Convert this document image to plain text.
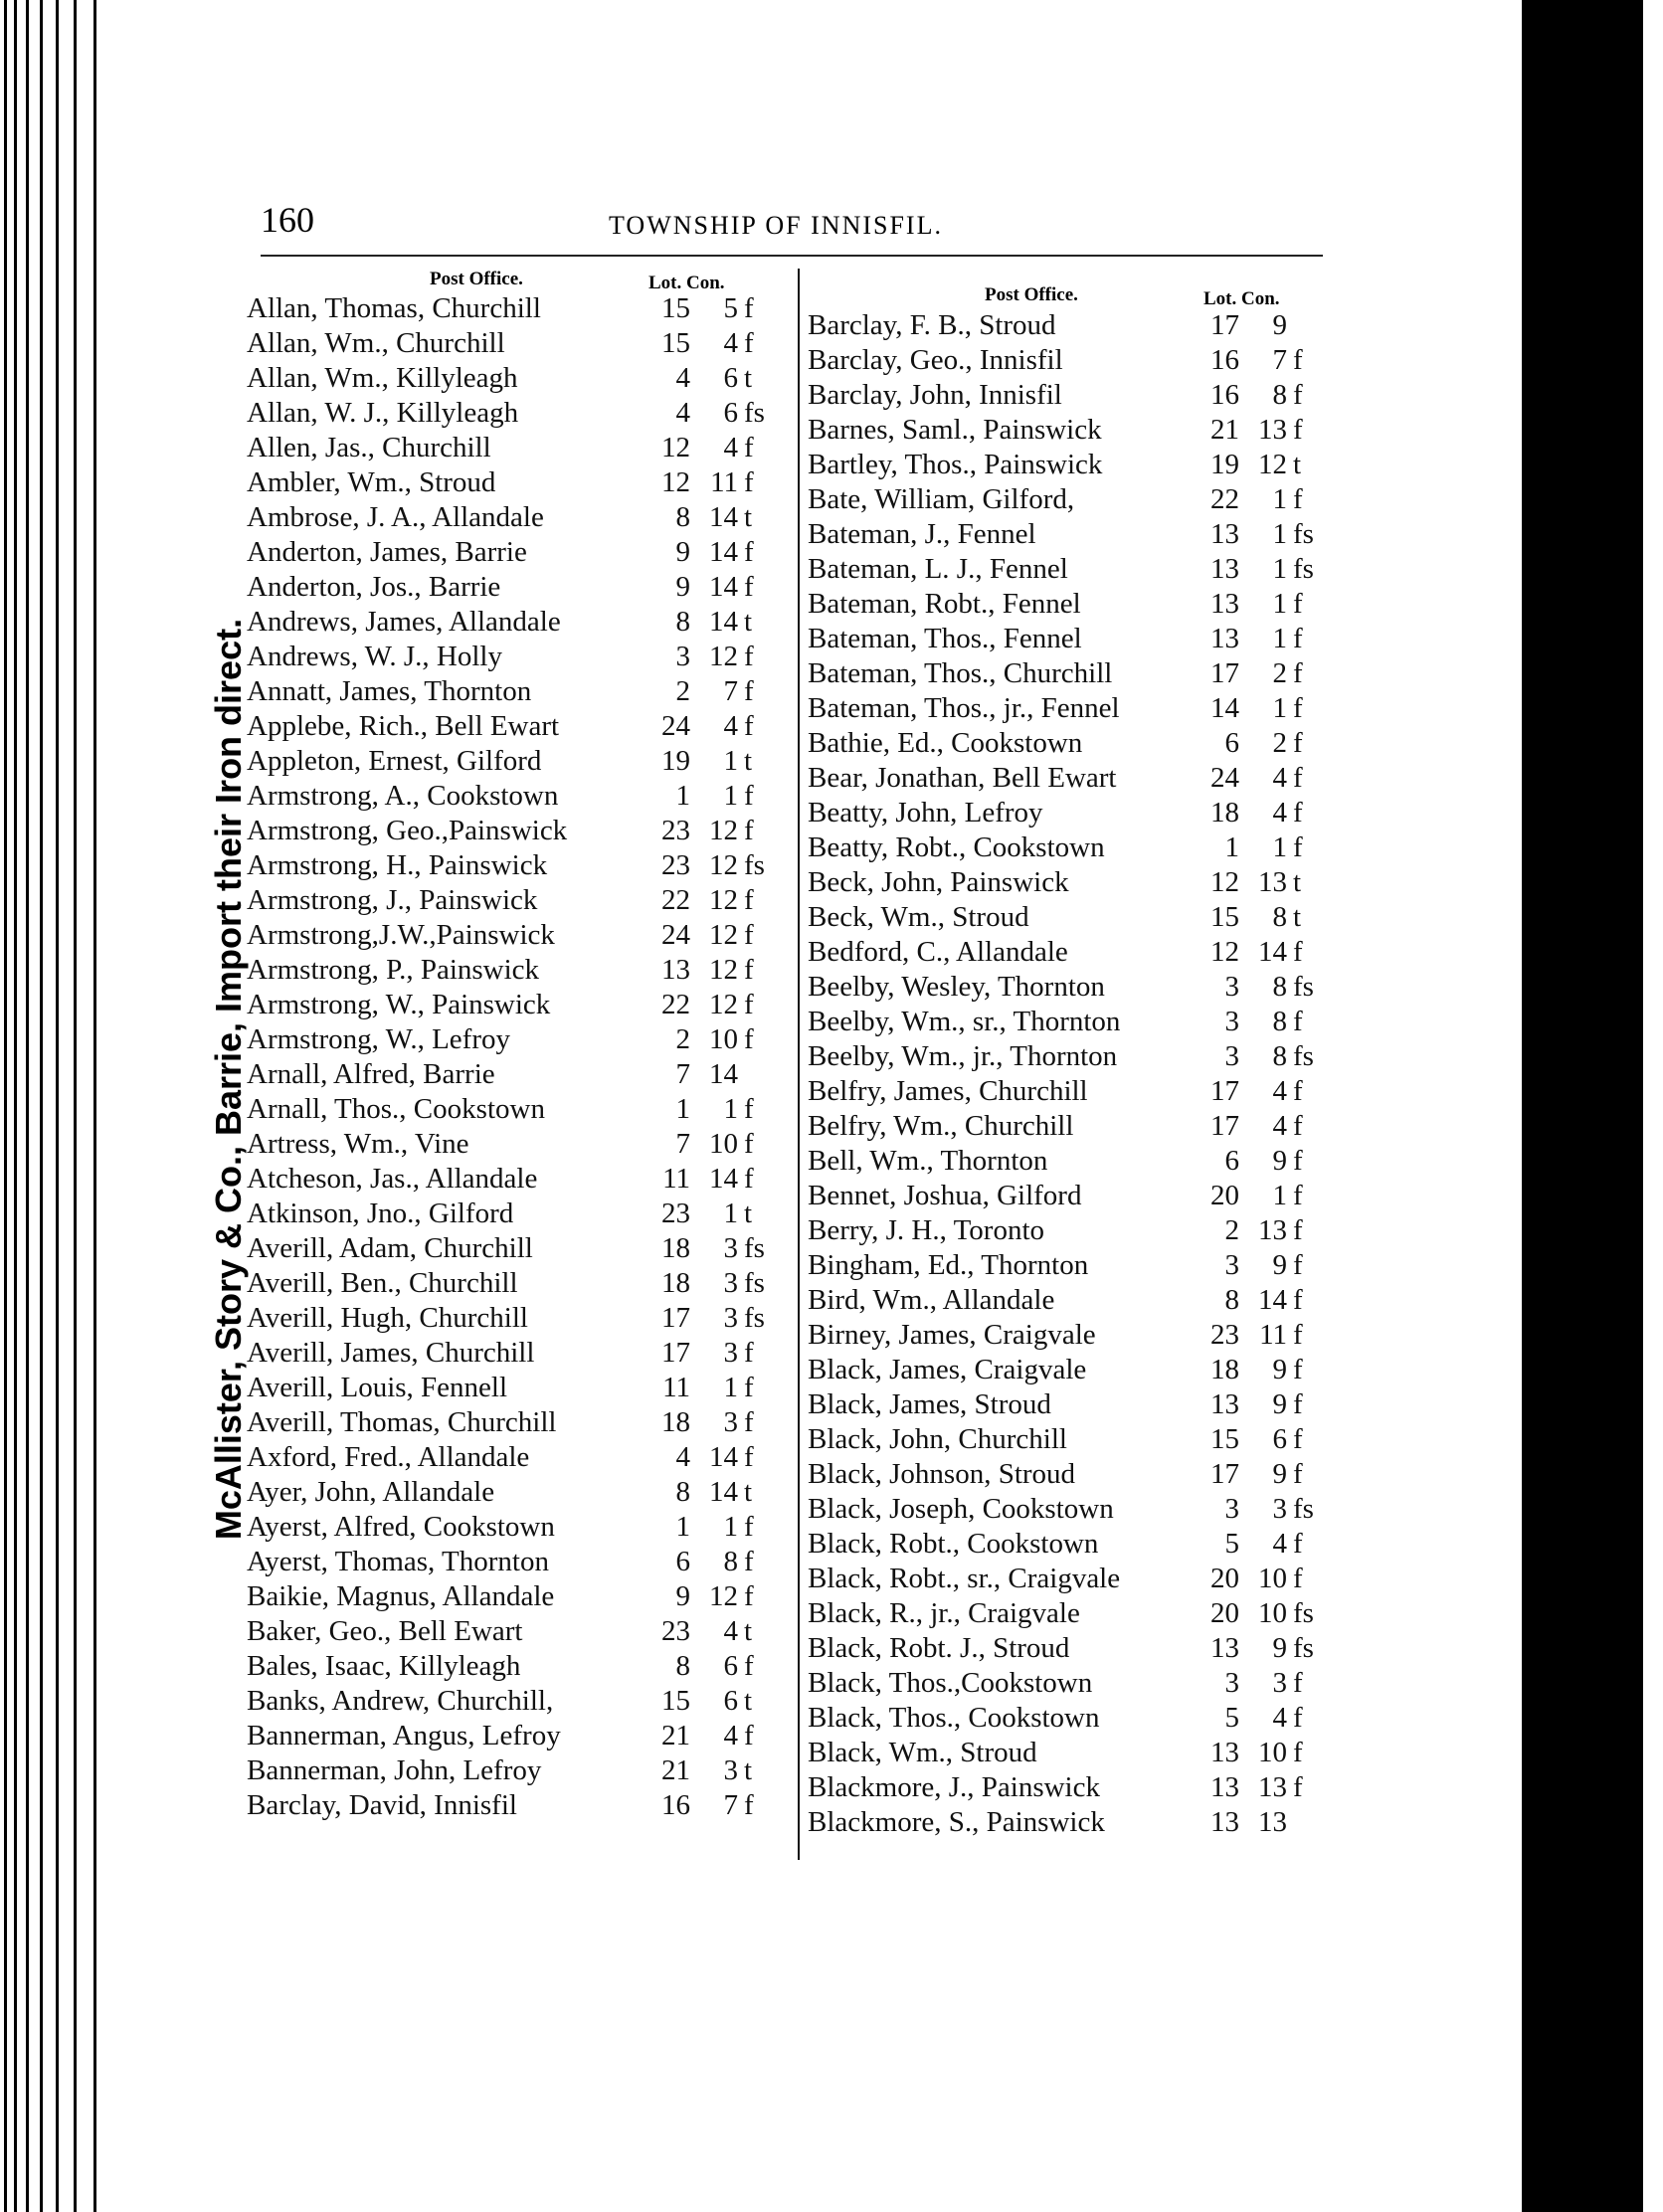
McAllister, Story & Co., Barrie, Import their Iron direct.
160	TOWNSHIP OF INNISFIL.
Post Office.	Lot. Con.
Post Office.	Lot. Con.
Allan, Thomas, Churchill	15	5 f
Allan, Wm., Churchill	15	4 f
Allan, Wm., Killyleagh	4	6 t
Allan, W. J., Killyleagh	4	6 fs
Allen, Jas., Churchill	12	4 f
Ambler, Wm., Stroud	12 11 f
Ambrose, J. A., Allandale	8 14 t
Anderton, James, Barrie	9 14 f
Anderton, Jos., Barrie	9 14 f
Andrews, James, Allandale	8 14 t
Andrews, W. J., Holly	3 12 f
Annatt, James, Thornton	2	7 f
Applebe, Rich., Bell Ewart	24	4 f
Appleton, Ernest, Gilford	19	1 t
Armstrong, A., Cookstown	1	1 f
Armstrong, Geo.,Painswick	23 12 f
Armstrong, H., Painswick	23 12 fs
Armstrong, J., Painswick	22 12 f
Armstrong,J.W.,Painswick	24 12 f
Armstrong, P., Painswick	13 12 f
Armstrong, W., Painswick	22 12 f
Armstrong, W., Lefroy	2 10 f
Arnall, Alfred, Barrie	7 14
Arnall, Thos., Cookstown	1	1 f
Artress, Wm., Vine	7 10 f
Atcheson, Jas., Allandale	11 14 f
Atkinson, Jno., Gilford	23	1 t
Averill, Adam, Churchill	18	3 fs
Averill, Ben., Churchill	18	3 fs
Averill, Hugh, Churchill	17	3 fs
Averill, James, Churchill	17	3 f
Averill, Louis, Fennell	11	1 f
Averill, Thomas, Churchill	18	3 f
Axford, Fred., Allandale	4 14 f
Ayer, John, Allandale	8 14 t
Ayerst, Alfred, Cookstown	1	1 f
Ayerst, Thomas, Thornton	6	8 f
Baikie, Magnus, Allandale	9 12 f
Baker, Geo., Bell Ewart	23	4 t
Bales, Isaac, Killyleagh	8	6 f
Banks, Andrew, Churchill,	15	6 t
Bannerman, Angus, Lefroy	21	4 f
Bannerman, John, Lefroy	21	3 t
Barclay, David, Innisfil	16	7 f
Barclay, F. B., Stroud	17	9
Barclay, Geo., Innisfil	16	7 f
Barclay, John, Innisfil	16	8 f
Barnes, Saml., Painswick	21 13 f
Bartley, Thos., Painswick	19 12 t
Bate, William, Gilford,	22	1 f
Bateman, J., Fennel	13	1 fs
Bateman, L. J., Fennel	13	1 fs
Bateman, Robt., Fennel	13	1 f
Bateman, Thos., Fennel	13	1 f
Bateman, Thos., Churchill	17	2 f
Bateman, Thos., jr., Fennel	14	1 f
Bathie, Ed., Cookstown	6	2 f
Bear, Jonathan, Bell Ewart	24	4 f
Beatty, John, Lefroy	18	4 f
Beatty, Robt., Cookstown	1	1 f
Beck, John, Painswick	12 13 t
Beck, Wm., Stroud	15	8 t
Bedford, C., Allandale	12 14 f
Beelby, Wesley, Thornton	3	8 fs
Beelby, Wm., sr., Thornton	3	8 f
Beelby, Wm., jr., Thornton	3	8 fs
Belfry, James, Churchill	17	4 f
Belfry, Wm., Churchill	17	4 f
Bell, Wm., Thornton	6	9 f
Bennet, Joshua, Gilford	20	1 f
Berry, J. H., Toronto	2 13 f
Bingham, Ed., Thornton	3	9 f
Bird, Wm., Allandale	8 14 f
Birney, James, Craigvale	23 11 f
Black, James, Craigvale	18	9 f
Black, James, Stroud	13	9 f
Black, John, Churchill	15	6 f
Black, Johnson, Stroud	17	9 f
Black, Joseph, Cookstown	3	3 fs
Black, Robt., Cookstown	5	4 f
Black, Robt., sr., Craigvale	20 10 f
Black, R., jr., Craigvale	20 10 fs
Black, Robt. J., Stroud	13	9 fs
Black, Thos.,Cookstown	3	3 f
Black, Thos., Cookstown	5	4 f
Black, Wm., Stroud	13 10 f
Blackmore, J., Painswick	13 13 f
Blackmore, S., Painswick	13 13
